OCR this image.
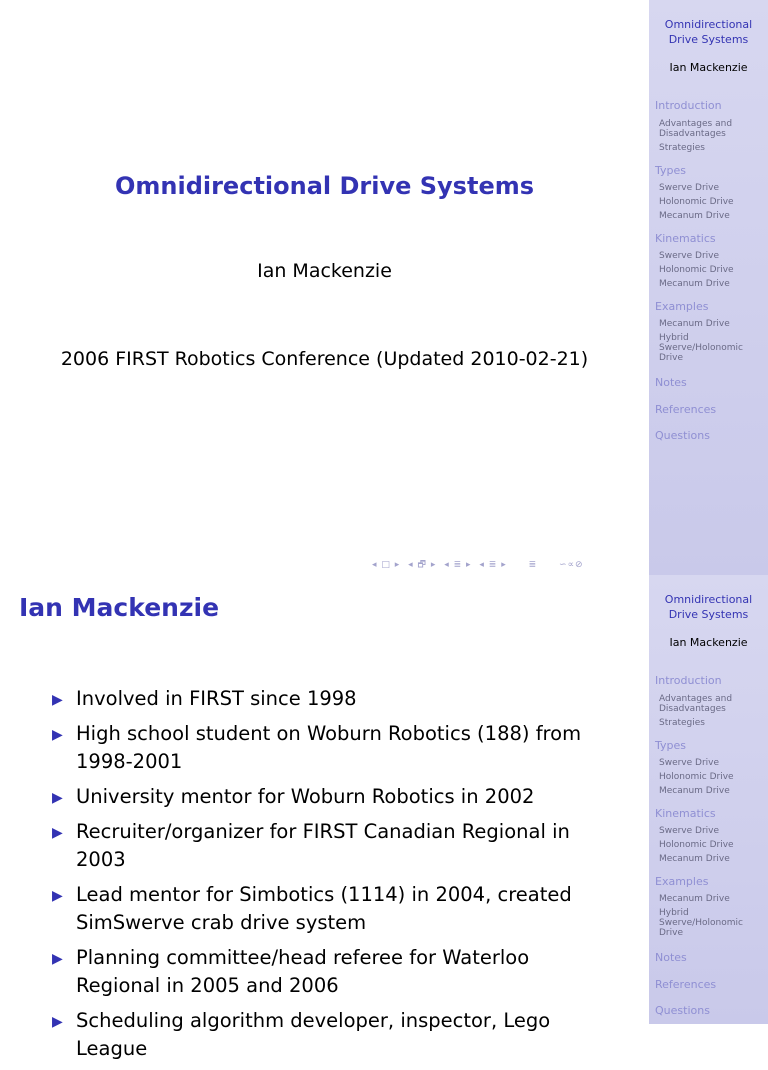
Omnidirectional
Drive Systems
Ian Mackenzie
Introduction
Advantages and
Disadvantages
Strategies
Types
Swerve Drive
Holonomic Drive
Mecanum Drive
Kinematics
Swerve Drive
Holonomic Drive
Mecanum Drive
Examples
Mecanum Drive
Hybrid
Swerve/Holonomic
Drive
Notes
References
Questions
Omnidirectional Drive Systems
Ian Mackenzie
2006 FIRST Robotics Conference (Updated 2010-02-21)
◂ □ ▸ ◂ 🗗 ▸ ◂ ≣ ▸ ◂ ≣ ▸ ≣ ∽∝⊘
Omnidirectional
Drive Systems
Ian Mackenzie
Introduction
Advantages and
Disadvantages
Strategies
Types
Swerve Drive
Holonomic Drive
Mecanum Drive
Kinematics
Swerve Drive
Holonomic Drive
Mecanum Drive
Examples
Mecanum Drive
Hybrid
Swerve/Holonomic
Drive
Notes
References
Questions
Ian Mackenzie
▶ Involved in FIRST since 1998
▶ High school student on Woburn Robotics (188) from 1998-2001
▶ University mentor for Woburn Robotics in 2002
▶ Recruiter/organizer for FIRST Canadian Regional in 2003
▶ Lead mentor for Simbotics (1114) in 2004, created SimSwerve crab drive system
▶ Planning committee/head referee for Waterloo Regional in 2005 and 2006
▶ Scheduling algorithm developer, inspector, Lego League
